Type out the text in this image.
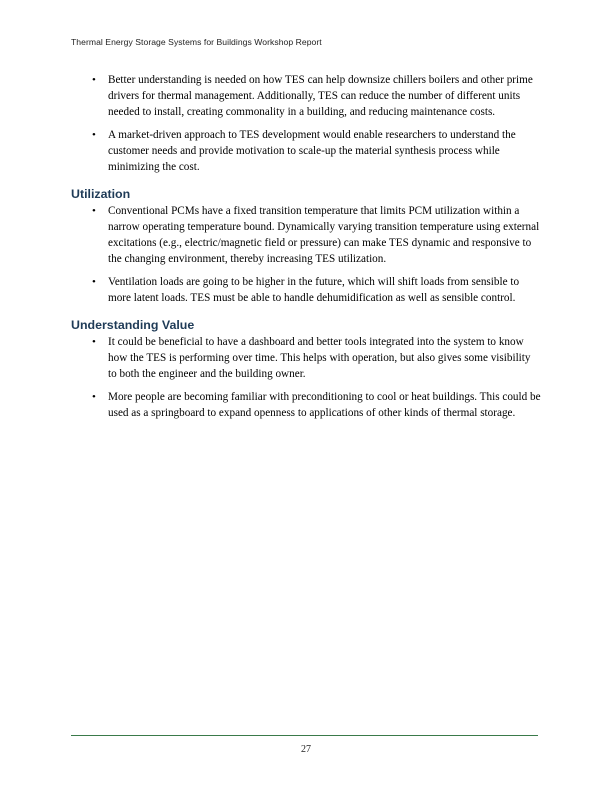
Thermal Energy Storage Systems for Buildings Workshop Report
• Better understanding is needed on how TES can help downsize chillers boilers and other prime drivers for thermal management. Additionally, TES can reduce the number of different units needed to install, creating commonality in a building, and reducing maintenance costs.
• A market-driven approach to TES development would enable researchers to understand the customer needs and provide motivation to scale-up the material synthesis process while minimizing the cost.
Utilization
• Conventional PCMs have a fixed transition temperature that limits PCM utilization within a narrow operating temperature bound. Dynamically varying transition temperature using external excitations (e.g., electric/magnetic field or pressure) can make TES dynamic and responsive to the changing environment, thereby increasing TES utilization.
• Ventilation loads are going to be higher in the future, which will shift loads from sensible to more latent loads. TES must be able to handle dehumidification as well as sensible control.
Understanding Value
• It could be beneficial to have a dashboard and better tools integrated into the system to know how the TES is performing over time. This helps with operation, but also gives some visibility to both the engineer and the building owner.
• More people are becoming familiar with preconditioning to cool or heat buildings. This could be used as a springboard to expand openness to applications of other kinds of thermal storage.
27
